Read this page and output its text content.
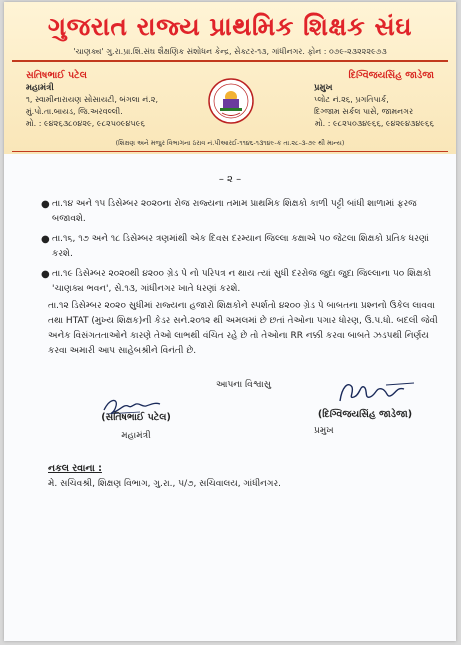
ગુજરાત રાજ્ય પ્રાથમિક શિક્ષક સંઘ
'ચાણક્ય' ગુ.રા.પ્રા.શિ.સંઘ શૈક્ષણિક સંશોધન કેન્દ્ર, સેક્ટર-૧૩, ગાંધીનગર. ફોન : ૦૭૯-૨૩૨૨૨૯૭૩
સતિષભાઈ પટેલ
મહામંત્રી
૧, સ્વામીનારાયણ સોસાયટી, બંગલા નં.૨,
મું.પો.તા.બાયડ, જિ.અરવલ્લી.
મો. : ૯૪૨૬૩૮૦૪૨૯, ૯૮૨૫૦૯૪૫૯૬
દિગ્વિજયસિંહ જાડેજા
પ્રમુખ
પ્લોટ નં.૨૬, પ્રગતિપાર્ક,
દિગ્જામ સર્કલ પાસે, જામનગર
મો. : ૯૮૨૫૦૩૪૯૬૬, ૯૪૨૯૪૩૪૯૬૬
(શિક્ષણ અને મજુર વિભાગના ઠરાવ નં.પીઆરઈ-૧૧૪૬-૧૩૧૪૯-ક તા.૨૮-૩-૭૯ થી માન્ય)
– ૨ –
● તા.૧૪ અને ૧૫ ડિસેમ્બર ૨૦૨૦ના રોજ રાજ્યના તમામ પ્રાથમિક શિક્ષકો કાળી પટ્ટી બાંધી શાળામાં ફરજ બજાવશે.
● તા.૧૬, ૧૭ અને ૧૮ ડિસેમ્બર ત્રણમાંથી એક દિવસ દરમ્યાન જિલ્લા કક્ષાએ ૫૦ જેટલા શિક્ષકો પ્રતિક ધરણાં કરશે.
● તા.૧૯ ડિસેમ્બર ૨૦૨૦થી ૪૨૦૦ ગ્રેડ પે નો પરિપત્ર ન થાય ત્યાં સુધી દરરોજ જુદા જુદા જિલ્લાના ૫૦ શિક્ષકો 'ચાણક્ય ભવન', સે.૧૩, ગાંધીનગર ખાતે ધરણાં કરશે.

તા.૧૨ ડિસેમ્બર ૨૦૨૦ સુધીમાં રાજ્યના હજારો શિક્ષકોને સ્પર્શતો ૪૨૦૦ ગ્રેડ પે બાબતના પ્રશ્નનો ઉકેલ લાવવા તથા HTAT (મુખ્ય શિક્ષક)ની કેડર સને.૨૦૧૨ થી અમલમાં છે છતાં તેઓના પગાર ધોરણ, ઉ.પ.ધો. બદલી જેવી અનેક વિસંગતતાઓને કારણે તેઓ લાભથી વંચિત રહે છે તો તેઓના RR નક્કી કરવા બાબતે ઝડપથી નિર્ણય કરવા અમારી આપ સાહેબશ્રીને વિનંતી છે.

આપના વિશ્વાસુ
(સતિષભાઈ પટેલ)
મહામંત્રી
(દિગ્વિજયસિંહ જાડેજા)
પ્રમુખ
નકલ રવાના :
મે. સચિવશ્રી, શિક્ષણ વિભાગ, ગુ.રા., ૫/૭, સચિવાલય, ગાંધીનગર.
